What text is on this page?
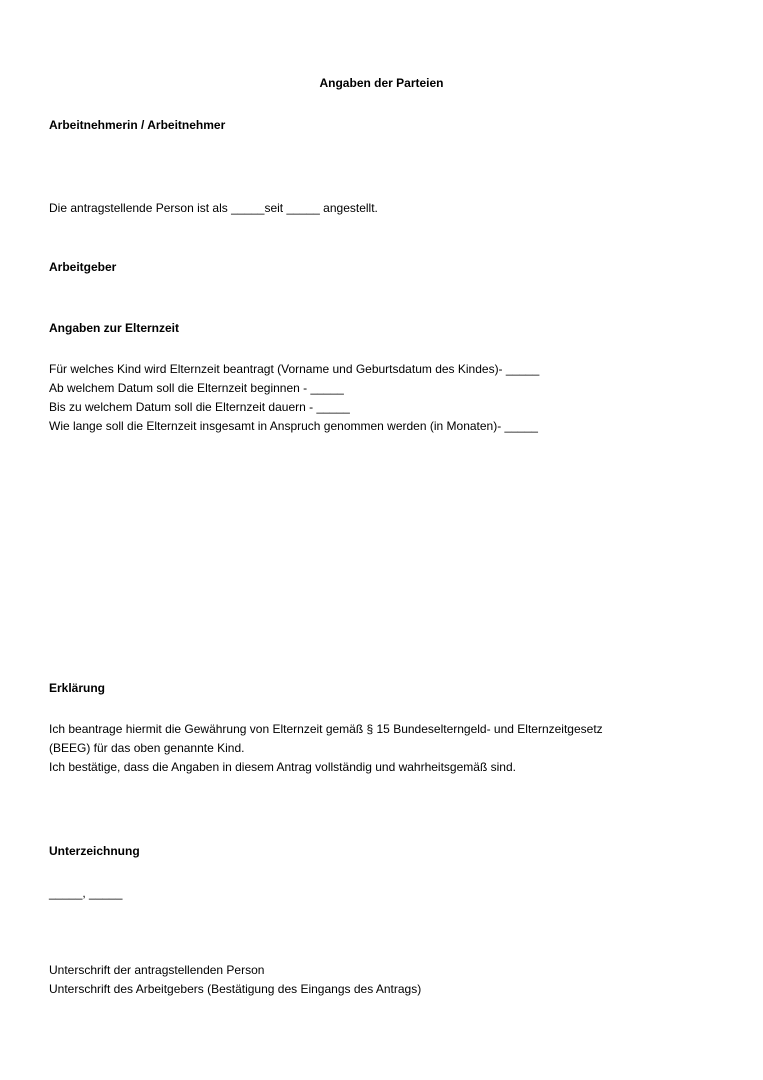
Angaben der Parteien
Arbeitnehmerin / Arbeitnehmer
Die antragstellende Person ist als _____seit _____ angestellt.
Arbeitgeber
Angaben zur Elternzeit
Für welches Kind wird Elternzeit beantragt (Vorname und Geburtsdatum des Kindes)- _____
Ab welchem Datum soll die Elternzeit beginnen - _____
Bis zu welchem Datum soll die Elternzeit dauern - _____
Wie lange soll die Elternzeit insgesamt in Anspruch genommen werden (in Monaten)- _____
Erklärung
Ich beantrage hiermit die Gewährung von Elternzeit gemäß § 15 Bundeselterngeld- und Elternzeitgesetz
(BEEG) für das oben genannte Kind.
Ich bestätige, dass die Angaben in diesem Antrag vollständig und wahrheitsgemäß sind.
Unterzeichnung
_____, _____
Unterschrift der antragstellenden Person
Unterschrift des Arbeitgebers (Bestätigung des Eingangs des Antrags)
